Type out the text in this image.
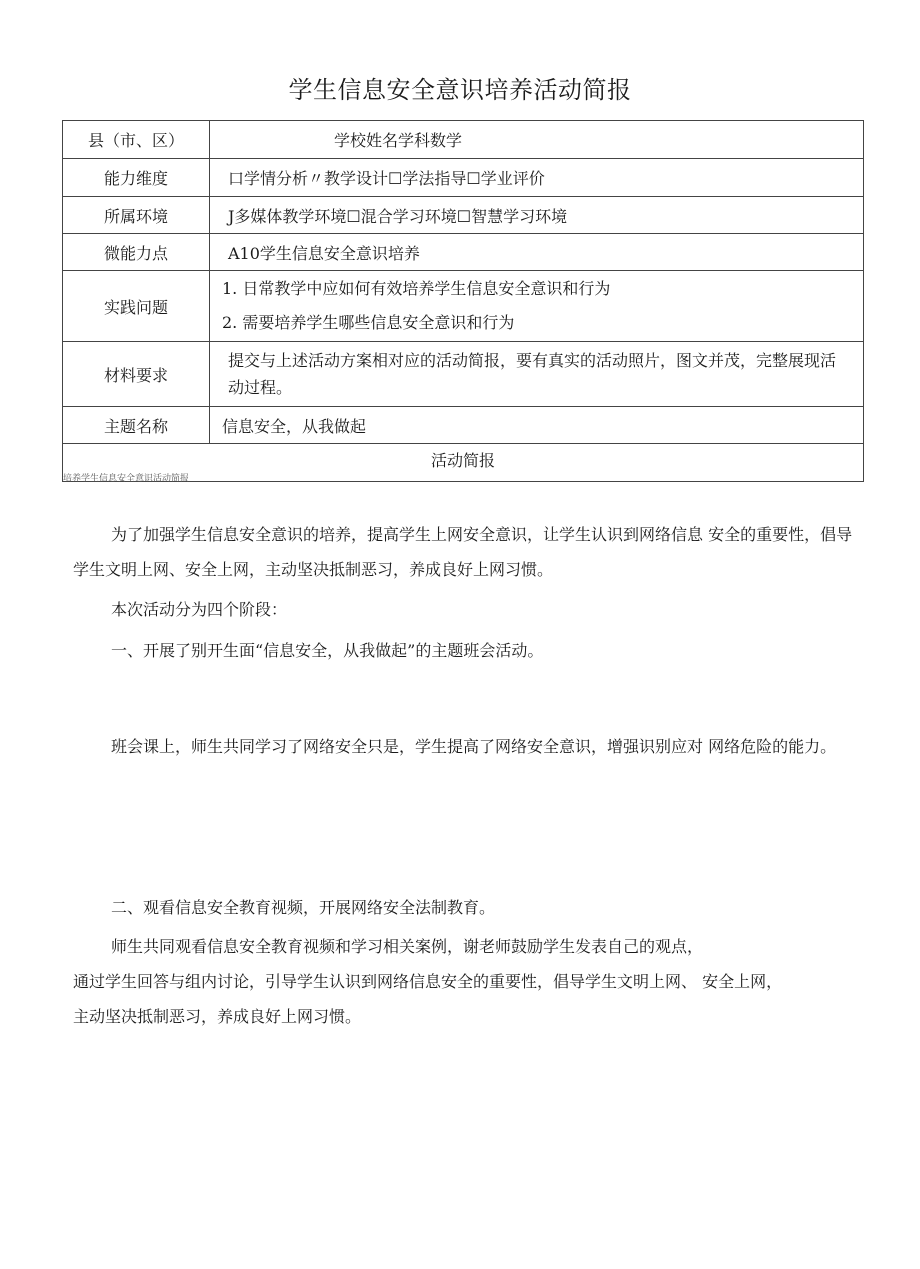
学生信息安全意识培养活动简报
县（市、区）	学校姓名学科数学
能力维度	口学情分析〃教学设计☐学法指导☐学业评价
所属环境	J多媒体教学环境☐混合学习环境☐智慧学习环境
微能力点	A10学生信息安全意识培养
实践问题	1. 日常教学中应如何有效培养学生信息安全意识和行为
2. 需要培养学生哪些信息安全意识和行为

材料要求	提交与上述活动方案相对应的活动简报，要有真实的活动照片，图文并茂，完整展现活动过程。

主题名称	信息安全，从我做起

活动简报
培养学生信息安全意识活动简报	
为了加强学生信息安全意识的培养，提高学生上网安全意识，让学生认识到网络信息 安全的重要性，倡导学生文明上网、安全上网，主动坚决抵制恶习，养成良好上网习惯。
本次活动分为四个阶段：
一、开展了别开生面“信息安全，从我做起”的主题班会活动。
班会课上，师生共同学习了网络安全只是，学生提高了网络安全意识，增强识别应对 网络危险的能力。
二、观看信息安全教育视频，开展网络安全法制教育。
师生共同观看信息安全教育视频和学习相关案例，谢老师鼓励学生发表自己的观点，
通过学生回答与组内讨论，引导学生认识到网络信息安全的重要性，倡导学生文明上网、 安全上网，
主动坚决抵制恶习，养成良好上网习惯。
